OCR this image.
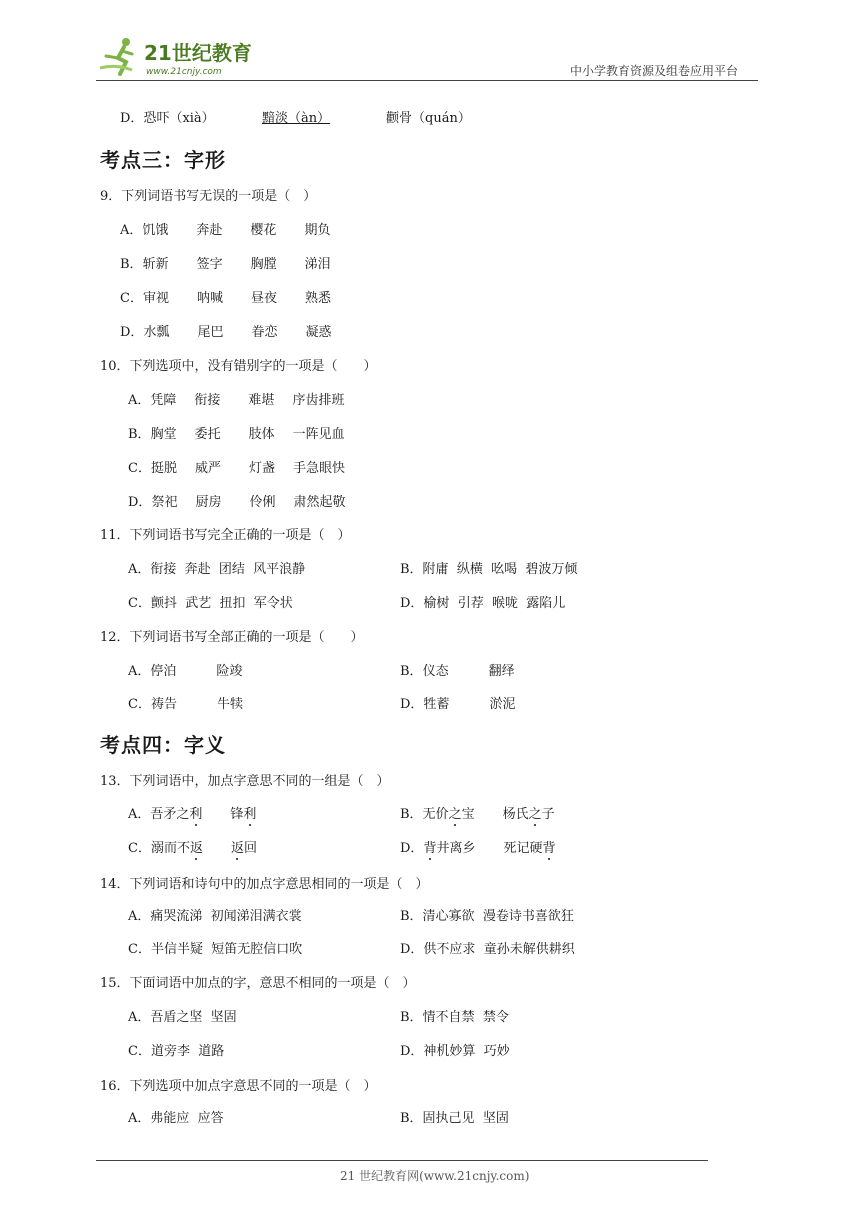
21世纪教育
www.21cnjy.com	中小学教育资源及组卷应用平台
D．恐吓（xià）	黯淡（àn）	颧骨（quán）
考点三：字形
9．下列词语书写无误的一项是（　）
A．饥饿 奔赴 樱花 期负
B．斩新 签字 胸膛 涕泪
C．审视 呐喊 昼夜 熟悉
D．水瓢 尾巴 眷恋 凝惑
10．下列选项中，没有错别字的一项是（　　）
A．凭障 衔接 难堪 序齿排班
B．胸堂 委托 肢体 一阵见血
C．挺脱 威严 灯盏 手急眼快
D．祭祀 厨房 伶俐 肃然起敬
11．下列词语书写完全正确的一项是（　）
A．衔接  奔赴  团结  风平浪静	B．附庸  纵横  吆喝  碧波万倾
C．颤抖  武艺  扭扣  军令状	D．榆树  引荐  喉咙  露陷儿
12．下列词语书写全部正确的一项是（　　）
A．停泊	险竣	B．仪态	翻绎
C．祷告	牛犊	D．牲蓄	淤泥
考点四：字义
13．下列词语中，加点字意思不同的一组是（　）
A．吾矛之利 锋利	B．无价之宝 杨氏之子
C．溺而不返 返回	D．背井离乡 死记硬背
14．下列词语和诗句中的加点字意思相同的一项是（　）
A．痛哭流涕  初闻涕泪满衣裳	B．清心寡欲  漫卷诗书喜欲狂
C．半信半疑  短笛无腔信口吹	D．供不应求  童孙未解供耕织
15．下面词语中加点的字，意思不相同的一项是（　）
A．吾盾之坚  坚固	B．情不自禁  禁令
C．道旁李  道路	D．神机妙算  巧妙
16．下列选项中加点字意思不同的一项是（　）
A．弗能应  应答	B．固执己见  坚固
21 世纪教育网(www.21cnjy.com)
